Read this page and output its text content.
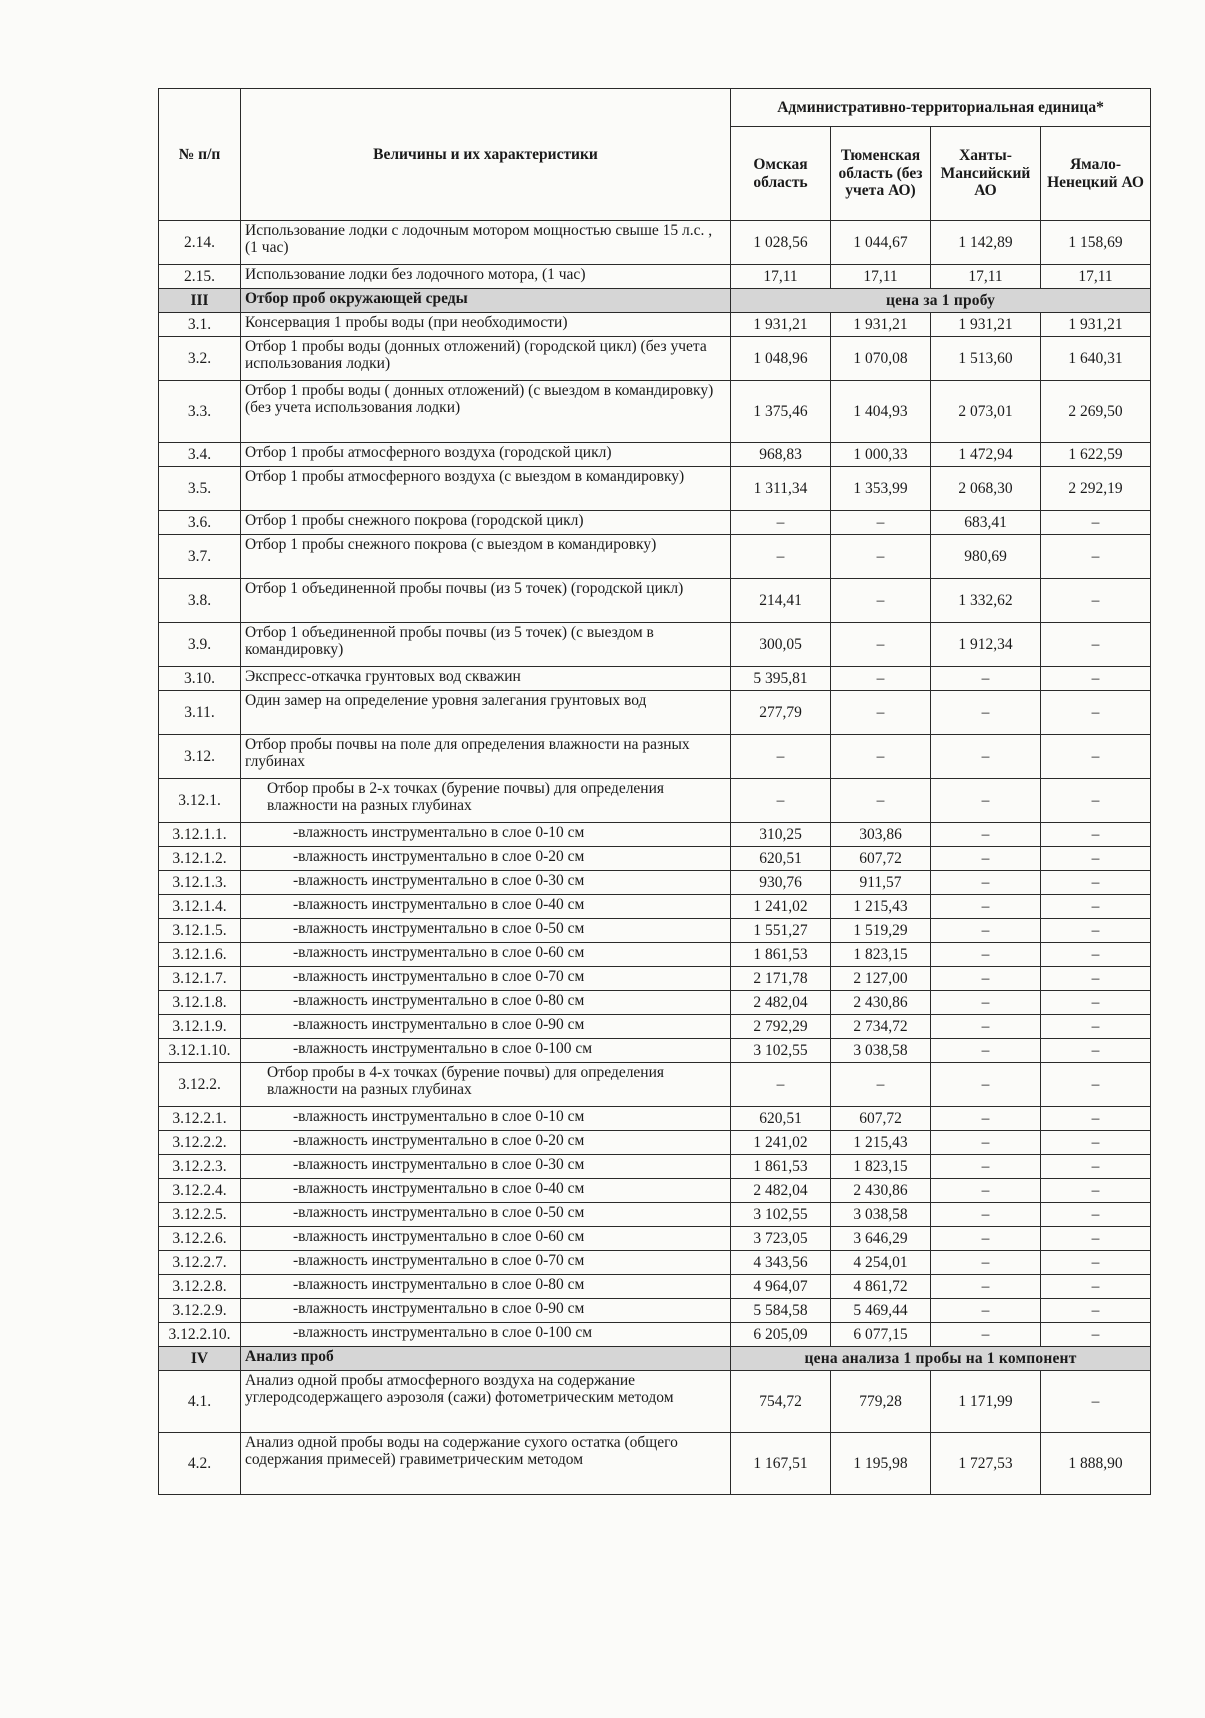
№ п/п	Величины и их характеристики	Административно-территориальная единица*			
		Омская область	Тюменская область (без учета АО)	Ханты-Мансийский АО	Ямало-Ненецкий АО
2.14.	Использование лодки с лодочным мотором мощностью свыше 15 л.с. , (1 час)	1 028,56	1 044,67	1 142,89	1 158,69
2.15.	Использование лодки без лодочного мотора, (1 час)	17,11	17,11	17,11	17,11
III	Отбор проб окружающей среды	цена за 1 пробу			
3.1.	Консервация 1 пробы воды (при необходимости)	1 931,21	1 931,21	1 931,21	1 931,21
3.2.	Отбор 1 пробы воды (донных отложений) (городской цикл) (без учета использования лодки)	1 048,96	1 070,08	1 513,60	1 640,31
3.3.	Отбор 1 пробы воды ( донных отложений) (с выездом в командировку) (без учета использования лодки)	1 375,46	1 404,93	2 073,01	2 269,50
3.4.	Отбор 1 пробы атмосферного воздуха (городской цикл)	968,83	1 000,33	1 472,94	1 622,59
3.5.	Отбор 1 пробы атмосферного воздуха (с выездом в командировку)	1 311,34	1 353,99	2 068,30	2 292,19
3.6.	Отбор 1 пробы снежного покрова (городской цикл)	–	–	683,41	–
3.7.	Отбор 1 пробы снежного покрова (с выездом в командировку)	–	–	980,69	–
3.8.	Отбор 1 объединенной пробы почвы (из 5 точек) (городской цикл)	214,41	–	1 332,62	–
3.9.	Отбор 1 объединенной пробы почвы (из 5 точек) (с выездом в командировку)	300,05	–	1 912,34	–
3.10.	Экспресс-откачка грунтовых вод скважин	5 395,81	–	–	–
3.11.	Один замер на определение уровня залегания грунтовых вод	277,79	–	–	–
3.12.	Отбор пробы почвы на поле для определения влажности на разных глубинах	–	–	–	–
3.12.1.	Отбор пробы в 2-х точках (бурение почвы) для определения влажности на разных глубинах	–	–	–	–
3.12.1.1.	-влажность инструментально в слое 0-10 см	310,25	303,86	–	–
3.12.1.2.	-влажность инструментально в слое 0-20 см	620,51	607,72	–	–
3.12.1.3.	-влажность инструментально в слое 0-30 см	930,76	911,57	–	–
3.12.1.4.	-влажность инструментально в слое 0-40 см	1 241,02	1 215,43	–	–
3.12.1.5.	-влажность инструментально в слое 0-50 см	1 551,27	1 519,29	–	–
3.12.1.6.	-влажность инструментально в слое 0-60 см	1 861,53	1 823,15	–	–
3.12.1.7.	-влажность инструментально в слое 0-70 см	2 171,78	2 127,00	–	–
3.12.1.8.	-влажность инструментально в слое 0-80 см	2 482,04	2 430,86	–	–
3.12.1.9.	-влажность инструментально в слое 0-90 см	2 792,29	2 734,72	–	–
3.12.1.10.	-влажность инструментально в слое 0-100 см	3 102,55	3 038,58	–	–
3.12.2.	Отбор пробы в 4-х точках (бурение почвы) для определения влажности на разных глубинах	–	–	–	–
3.12.2.1.	-влажность инструментально в слое 0-10 см	620,51	607,72	–	–
3.12.2.2.	-влажность инструментально в слое 0-20 см	1 241,02	1 215,43	–	–
3.12.2.3.	-влажность инструментально в слое 0-30 см	1 861,53	1 823,15	–	–
3.12.2.4.	-влажность инструментально в слое 0-40 см	2 482,04	2 430,86	–	–
3.12.2.5.	-влажность инструментально в слое 0-50 см	3 102,55	3 038,58	–	–
3.12.2.6.	-влажность инструментально в слое 0-60 см	3 723,05	3 646,29	–	–
3.12.2.7.	-влажность инструментально в слое 0-70 см	4 343,56	4 254,01	–	–
3.12.2.8.	-влажность инструментально в слое 0-80 см	4 964,07	4 861,72	–	–
3.12.2.9.	-влажность инструментально в слое 0-90 см	5 584,58	5 469,44	–	–
3.12.2.10.	-влажность инструментально в слое 0-100 см	6 205,09	6 077,15	–	–
IV	Анализ проб	цена анализа 1 пробы на 1 компонент			
4.1.	Анализ одной пробы атмосферного воздуха на содержание углеродсодержащего аэрозоля (сажи) фотометрическим методом	754,72	779,28	1 171,99	–
4.2.	Анализ одной пробы воды на содержание сухого остатка (общего содержания примесей) гравиметрическим методом	1 167,51	1 195,98	1 727,53	1 888,90
